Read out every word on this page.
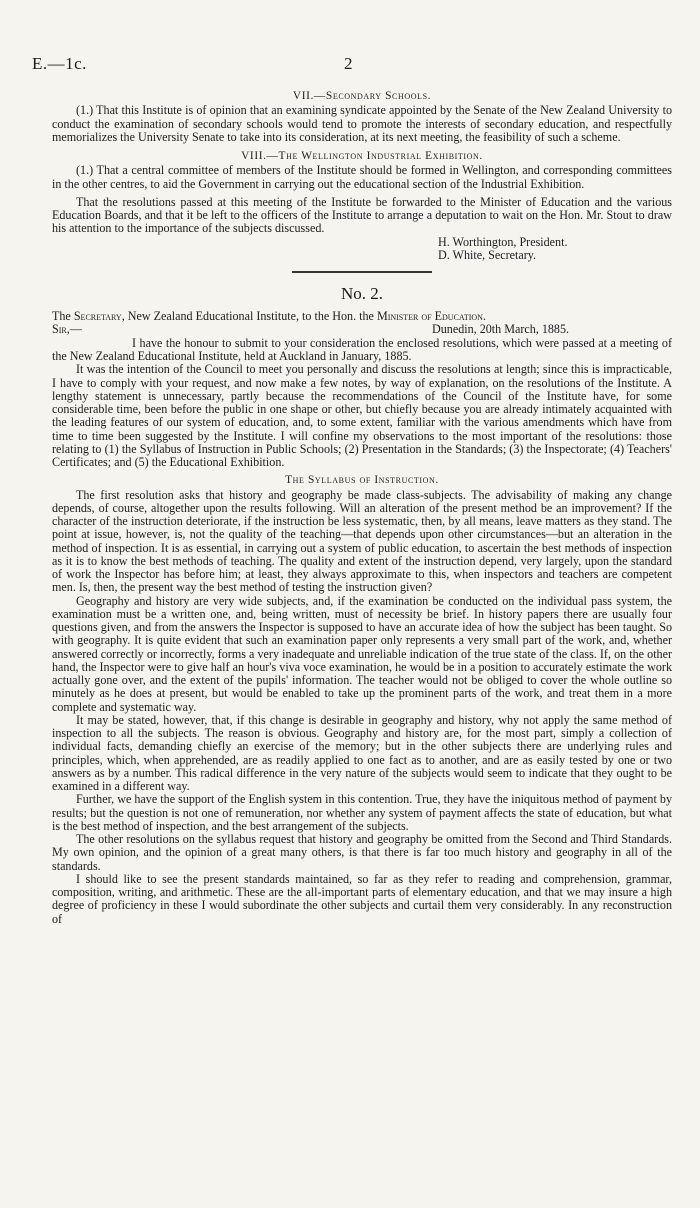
E.—1c.	2
VII.—Secondary Schools.

(1.) That this Institute is of opinion that an examining syndicate appointed by the Senate of the New Zealand University to conduct the examination of secondary schools would tend to promote the interests of secondary education, and respectfully memorializes the University Senate to take into its consideration, at its next meeting, the feasibility of such a scheme.

VIII.—The Wellington Industrial Exhibition.

(1.) That a central committee of members of the Institute should be formed in Wellington, and corresponding committees in the other centres, to aid the Government in carrying out the educational section of the Industrial Exhibition.

That the resolutions passed at this meeting of the Institute be forwarded to the Minister of Education and the various Education Boards, and that it be left to the officers of the Institute to arrange a deputation to wait on the Hon. Mr. Stout to draw his attention to the importance of the subjects discussed.

H. Worthington, President.
D. White, Secretary.
No. 2.

The Secretary, New Zealand Educational Institute, to the Hon. the Minister of Education.

Sir,—	Dunedin, 20th March, 1885.

I have the honour to submit to your consideration the enclosed resolutions, which were passed at a meeting of the New Zealand Educational Institute, held at Auckland in January, 1885.

It was the intention of the Council to meet you personally and discuss the resolutions at length; since this is impracticable, I have to comply with your request, and now make a few notes, by way of explanation, on the resolutions of the Institute. A lengthy statement is unnecessary, partly because the recommendations of the Council of the Institute have, for some considerable time, been before the public in one shape or other, but chiefly because you are already intimately acquainted with the leading features of our system of education, and, to some extent, familiar with the various amendments which have from time to time been suggested by the Institute. I will confine my observations to the most important of the resolutions: those relating to (1) the Syllabus of Instruction in Public Schools; (2) Presentation in the Standards; (3) the Inspectorate; (4) Teachers' Certificates; and (5) the Educational Exhibition.

The Syllabus of Instruction.

The first resolution asks that history and geography be made class-subjects. The advisability of making any change depends, of course, altogether upon the results following. Will an alteration of the present method be an improvement? If the character of the instruction deteriorate, if the instruction be less systematic, then, by all means, leave matters as they stand. The point at issue, however, is, not the quality of the teaching—that depends upon other circumstances—but an alteration in the method of inspection. It is as essential, in carrying out a system of public education, to ascertain the best methods of inspection as it is to know the best methods of teaching. The quality and extent of the instruction depend, very largely, upon the standard of work the Inspector has before him; at least, they always approximate to this, when inspectors and teachers are competent men. Is, then, the present way the best method of testing the instruction given?

Geography and history are very wide subjects, and, if the examination be conducted on the individual pass system, the examination must be a written one, and, being written, must of necessity be brief. In history papers there are usually four questions given, and from the answers the Inspector is supposed to have an accurate idea of how the subject has been taught. So with geography. It is quite evident that such an examination paper only represents a very small part of the work, and, whether answered correctly or incorrectly, forms a very inadequate and unreliable indication of the true state of the class. If, on the other hand, the Inspector were to give half an hour's viva voce examination, he would be in a position to accurately estimate the work actually gone over, and the extent of the pupils' information. The teacher would not be obliged to cover the whole outline so minutely as he does at present, but would be enabled to take up the prominent parts of the work, and treat them in a more complete and systematic way.

It may be stated, however, that, if this change is desirable in geography and history, why not apply the same method of inspection to all the subjects. The reason is obvious. Geography and history are, for the most part, simply a collection of individual facts, demanding chiefly an exercise of the memory; but in the other subjects there are underlying rules and principles, which, when apprehended, are as readily applied to one fact as to another, and are as easily tested by one or two answers as by a number. This radical difference in the very nature of the subjects would seem to indicate that they ought to be examined in a different way.

Further, we have the support of the English system in this contention. True, they have the iniquitous method of payment by results; but the question is not one of remuneration, nor whether any system of payment affects the state of education, but what is the best method of inspection, and the best arrangement of the subjects.

The other resolutions on the syllabus request that history and geography be omitted from the Second and Third Standards. My own opinion, and the opinion of a great many others, is that there is far too much history and geography in all of the standards.

I should like to see the present standards maintained, so far as they refer to reading and comprehension, grammar, composition, writing, and arithmetic. These are the all-important parts of elementary education, and that we may insure a high degree of proficiency in these I would subordinate the other subjects and curtail them very considerably. In any reconstruction of
